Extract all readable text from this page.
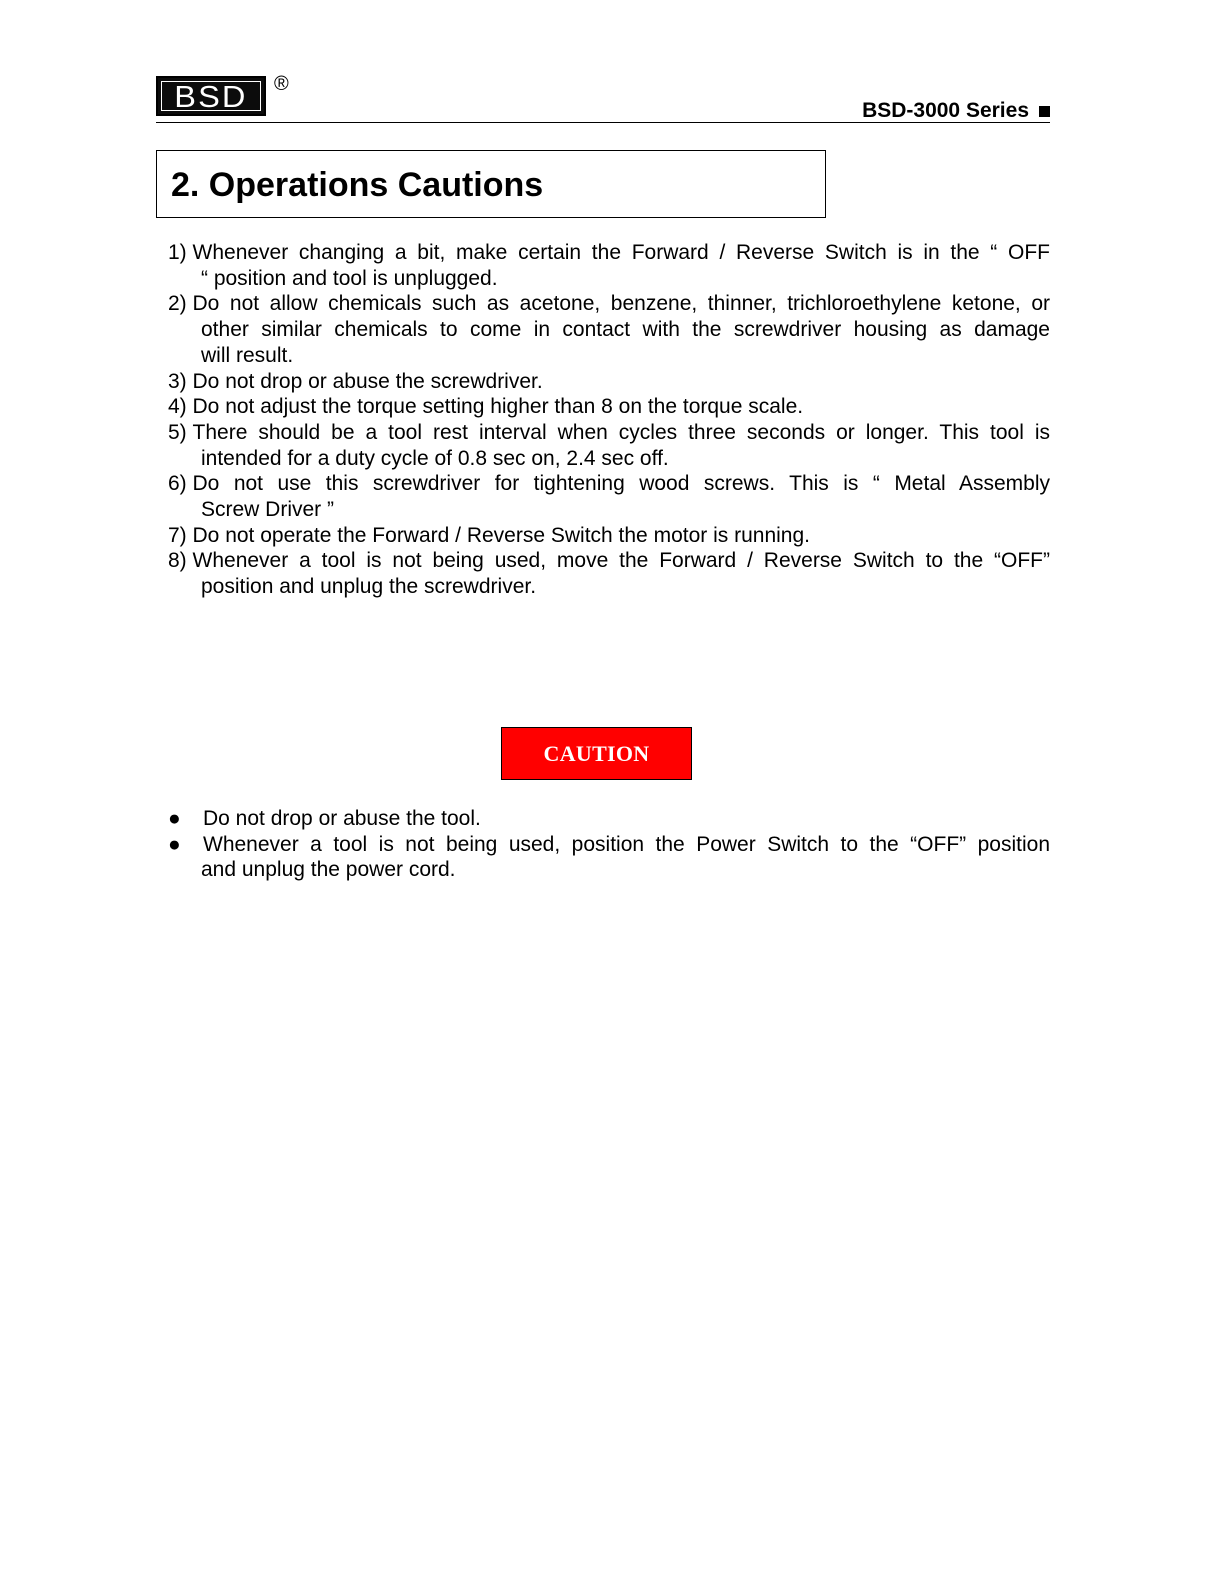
BSD ®
BSD-3000 Series
2. Operations Cautions
1) Whenever changing a bit, make certain the Forward / Reverse Switch is in the “ OFF
“ position and tool is unplugged.
2) Do not allow chemicals such as acetone, benzene, thinner, trichloroethylene ketone, or
other similar chemicals to come in contact with the screwdriver housing as damage
will result.
3) Do not drop or abuse the screwdriver.
4) Do not adjust the torque setting higher than 8 on the torque scale.
5) There should be a tool rest interval when cycles three seconds or longer. This tool is
intended for a duty cycle of 0.8 sec on, 2.4 sec off.
6) Do not use this screwdriver for tightening wood screws. This is “ Metal Assembly
Screw Driver ”
7) Do not operate the Forward / Reverse Switch the motor is running.
8) Whenever a tool is not being used, move the Forward / Reverse Switch to the “OFF”
position and unplug the screwdriver.
CAUTION
●	Do not drop or abuse the tool.
●	Whenever a tool is not being used, position the Power Switch to the “OFF” position
and unplug the power cord.
